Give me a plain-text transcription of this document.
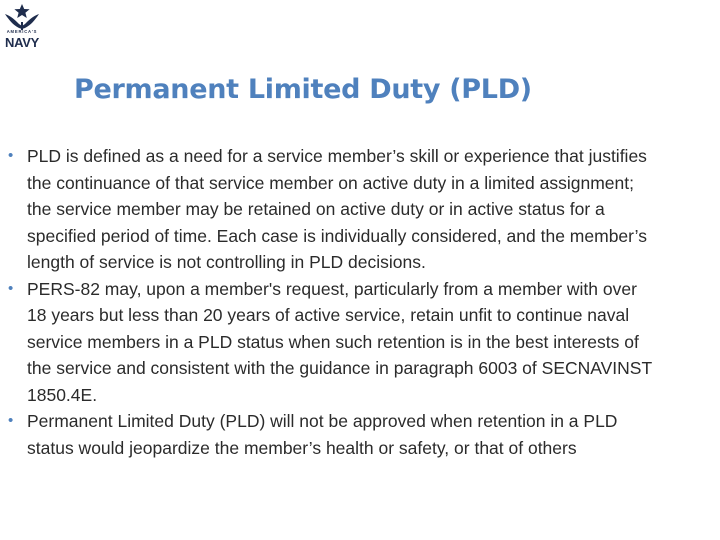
AMERICA'S
NAVY
Permanent Limited Duty (PLD)
• PLD is defined as a need for a service member’s skill or experience that justifies the continuance of that service member on active duty in a limited assignment; the service member may be retained on active duty or in active status for a specified period of time. Each case is individually considered, and the member’s length of service is not controlling in PLD decisions.
• PERS-82 may, upon a member's request, particularly from a member with over 18 years but less than 20 years of active service, retain unfit to continue naval service members in a PLD status when such retention is in the best interests of the service and consistent with the guidance in paragraph 6003 of SECNAVINST 1850.4E.
• Permanent Limited Duty (PLD) will not be approved when retention in a PLD status would jeopardize the member’s health or safety, or that of others
